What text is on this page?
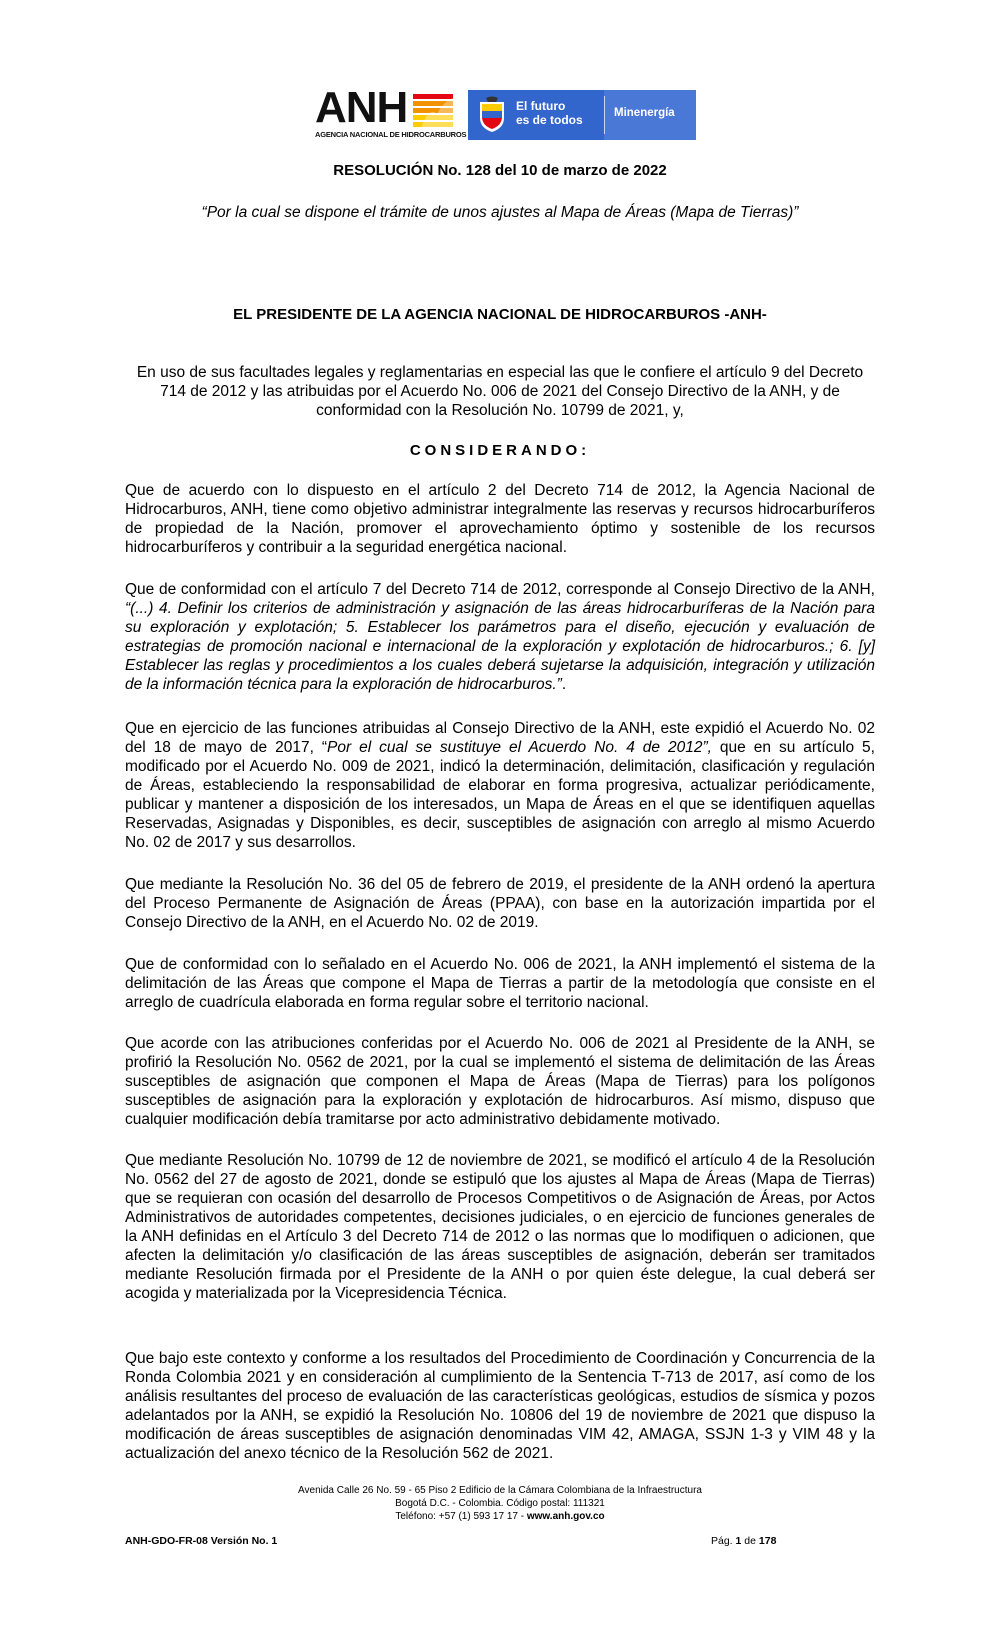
ANH
AGENCIA NACIONAL DE HIDROCARBUROS
El futuro
es de todos	Minenergía
RESOLUCIÓN No. 128 del 10 de marzo de 2022
“Por la cual se dispone el trámite de unos ajustes al Mapa de Áreas (Mapa de Tierras)”
EL PRESIDENTE DE LA AGENCIA NACIONAL DE HIDROCARBUROS -ANH-
En uso de sus facultades legales y reglamentarias en especial las que le confiere el artículo 9 del Decreto 714 de 2012 y las atribuidas por el Acuerdo No. 006 de 2021 del Consejo Directivo de la ANH, y de conformidad con la Resolución No. 10799 de 2021, y,
CONSIDERANDO:
Que de acuerdo con lo dispuesto en el artículo 2 del Decreto 714 de 2012, la Agencia Nacional de Hidrocarburos, ANH, tiene como objetivo administrar integralmente las reservas y recursos hidrocarburíferos de propiedad de la Nación, promover el aprovechamiento óptimo y sostenible de los recursos hidrocarburíferos y contribuir a la seguridad energética nacional.
Que de conformidad con el artículo 7 del Decreto 714 de 2012, corresponde al Consejo Directivo de la ANH, “(...) 4. Definir los criterios de administración y asignación de las áreas hidrocarburíferas de la Nación para su exploración y explotación; 5. Establecer los parámetros para el diseño, ejecución y evaluación de estrategias de promoción nacional e internacional de la exploración y explotación de hidrocarburos.; 6. [y] Establecer las reglas y procedimientos a los cuales deberá sujetarse la adquisición, integración y utilización de la información técnica para la exploración de hidrocarburos.”.
Que en ejercicio de las funciones atribuidas al Consejo Directivo de la ANH, este expidió el Acuerdo No. 02 del 18 de mayo de 2017, “Por el cual se sustituye el Acuerdo No. 4 de 2012”, que en su artículo 5, modificado por el Acuerdo No. 009 de 2021, indicó la determinación, delimitación, clasificación y regulación de Áreas, estableciendo la responsabilidad de elaborar en forma progresiva, actualizar periódicamente, publicar y mantener a disposición de los interesados, un Mapa de Áreas en el que se identifiquen aquellas Reservadas, Asignadas y Disponibles, es decir, susceptibles de asignación con arreglo al mismo Acuerdo No. 02 de 2017 y sus desarrollos.
Que mediante la Resolución No. 36 del 05 de febrero de 2019, el presidente de la ANH ordenó la apertura del Proceso Permanente de Asignación de Áreas (PPAA), con base en la autorización impartida por el Consejo Directivo de la ANH, en el Acuerdo No. 02 de 2019.
Que de conformidad con lo señalado en el Acuerdo No. 006 de 2021, la ANH implementó el sistema de la delimitación de las Áreas que compone el Mapa de Tierras a partir de la metodología que consiste en el arreglo de cuadrícula elaborada en forma regular sobre el territorio nacional.
Que acorde con las atribuciones conferidas por el Acuerdo No. 006 de 2021 al Presidente de la ANH, se profirió la Resolución No. 0562 de 2021, por la cual se implementó el sistema de delimitación de las Áreas susceptibles de asignación que componen el Mapa de Áreas (Mapa de Tierras) para los polígonos susceptibles de asignación para la exploración y explotación de hidrocarburos. Así mismo, dispuso que cualquier modificación debía tramitarse por acto administrativo debidamente motivado.
Que mediante Resolución No. 10799 de 12 de noviembre de 2021, se modificó el artículo 4 de la Resolución No. 0562 del 27 de agosto de 2021, donde se estipuló que los ajustes al Mapa de Áreas (Mapa de Tierras) que se requieran con ocasión del desarrollo de Procesos Competitivos o de Asignación de Áreas, por Actos Administrativos de autoridades competentes, decisiones judiciales, o en ejercicio de funciones generales de la ANH definidas en el Artículo 3 del Decreto 714 de 2012 o las normas que lo modifiquen o adicionen, que afecten la delimitación y/o clasificación de las áreas susceptibles de asignación, deberán ser tramitados mediante Resolución firmada por el Presidente de la ANH o por quien éste delegue, la cual deberá ser acogida y materializada por la Vicepresidencia Técnica.
Que bajo este contexto y conforme a los resultados del Procedimiento de Coordinación y Concurrencia de la Ronda Colombia 2021 y en consideración al cumplimiento de la Sentencia T-713 de 2017, así como de los análisis resultantes del proceso de evaluación de las características geológicas, estudios de sísmica y pozos adelantados por la ANH, se expidió la Resolución No. 10806 del 19 de noviembre de 2021 que dispuso la modificación de áreas susceptibles de asignación denominadas VIM 42, AMAGA, SSJN 1-3 y VIM 48 y la actualización del anexo técnico de la Resolución 562 de 2021.
Avenida Calle 26 No. 59 - 65 Piso 2 Edificio de la Cámara Colombiana de la Infraestructura
Bogotá D.C. - Colombia. Código postal: 111321
Teléfono: +57 (1) 593 17 17 - www.anh.gov.co
ANH-GDO-FR-08 Versión No. 1	Pág. 1 de 178
